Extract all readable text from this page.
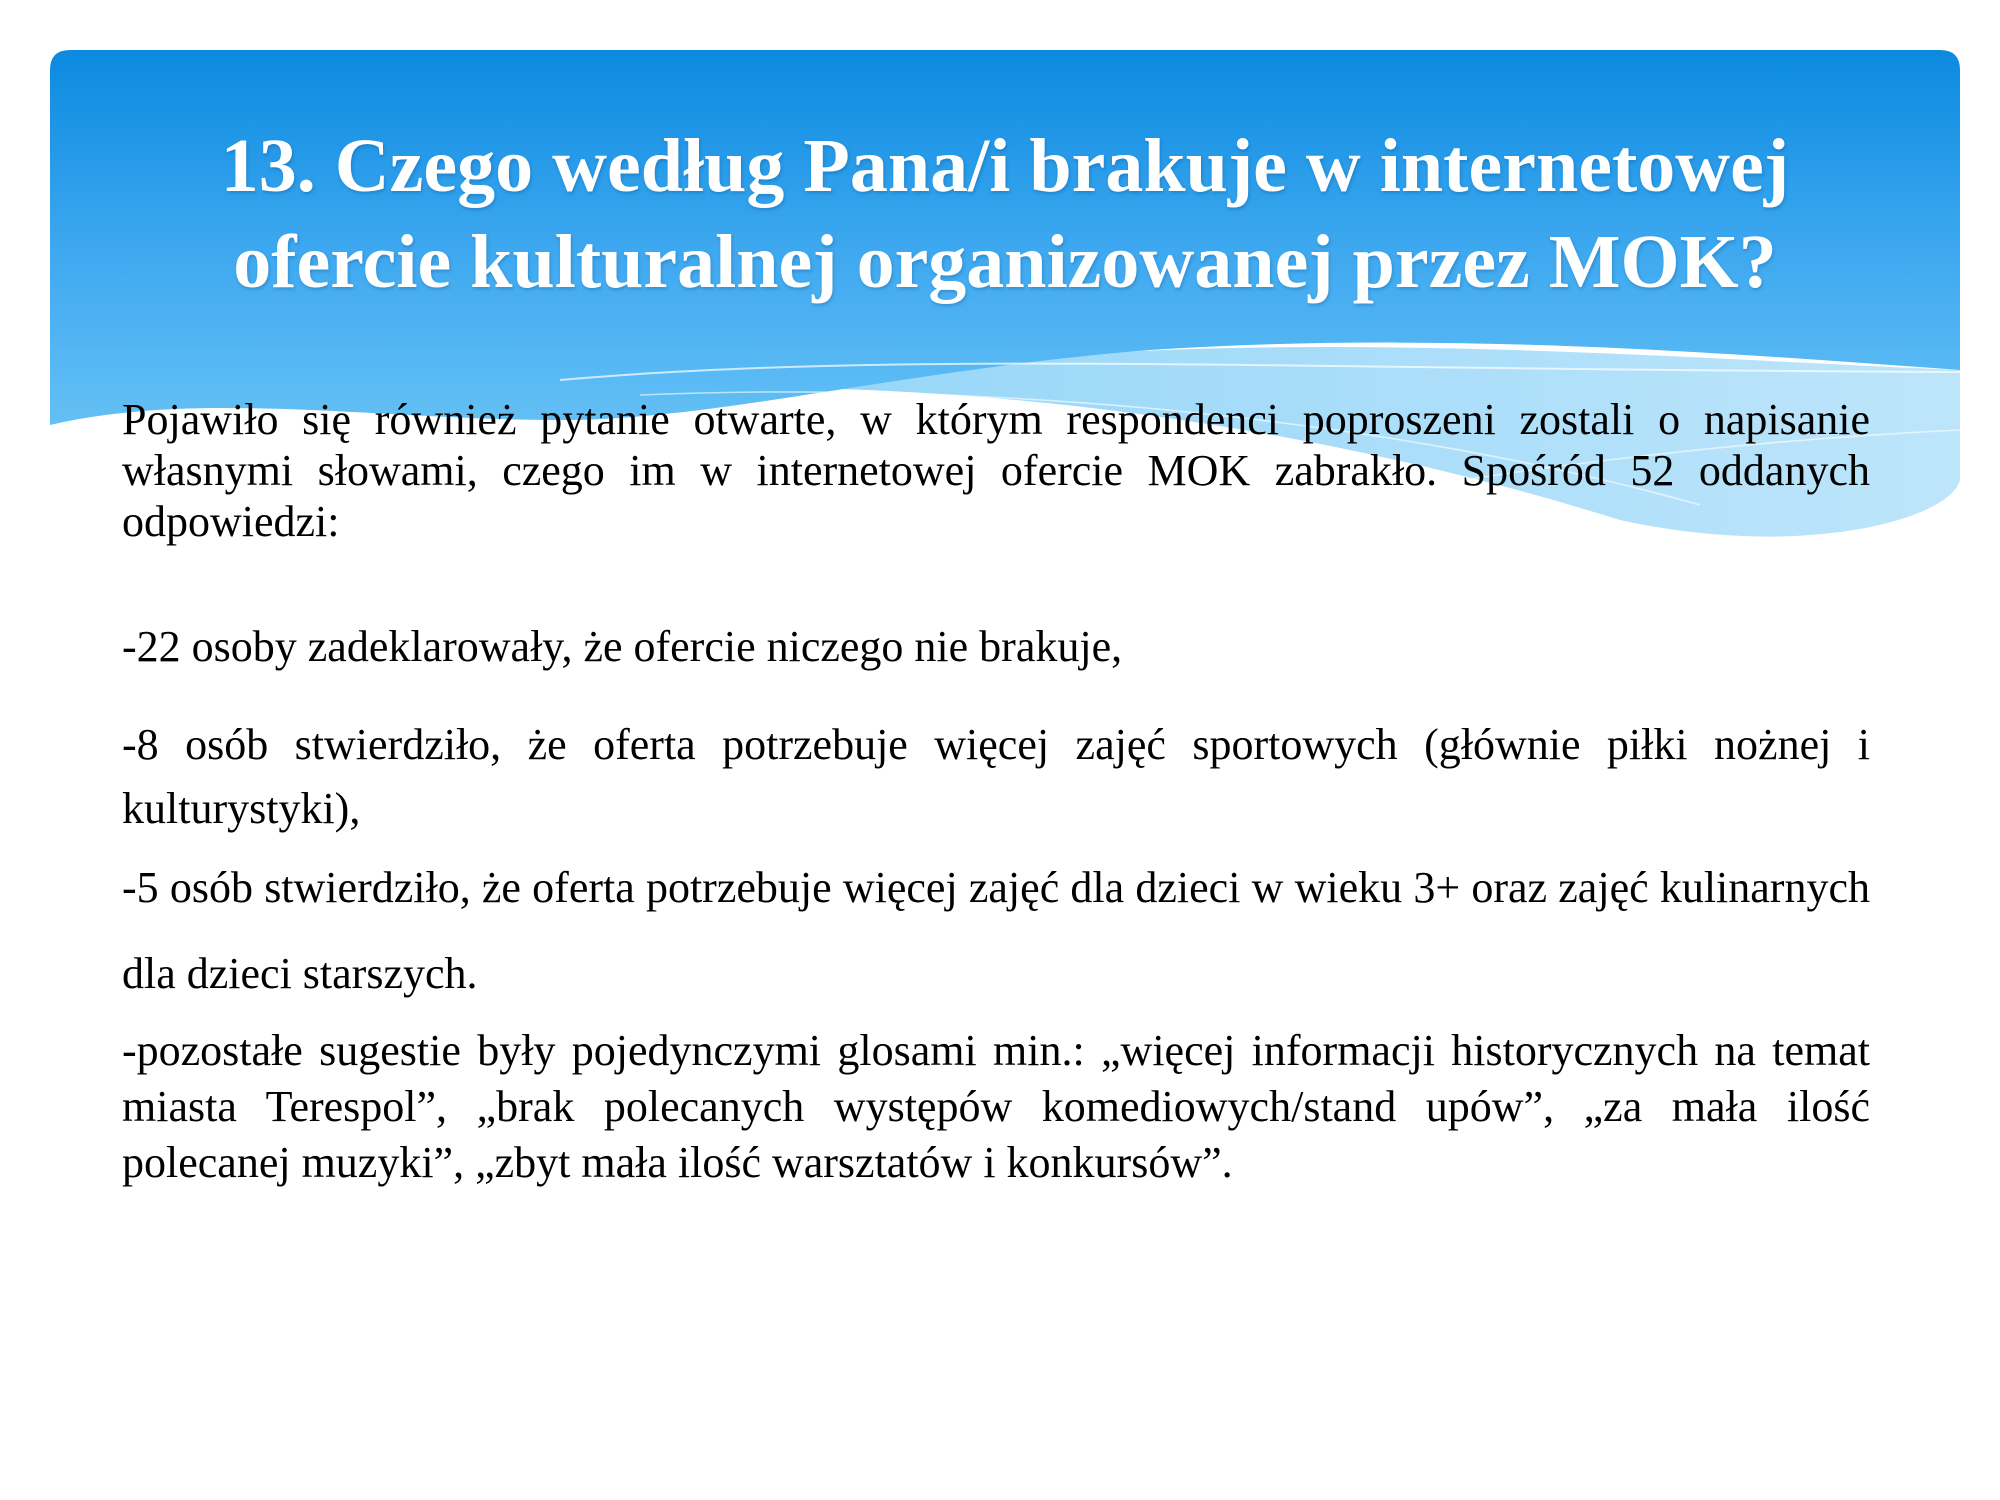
13. Czego według Pana/i brakuje w internetowej ofercie kulturalnej organizowanej przez MOK?

Pojawiło się również pytanie otwarte, w którym respondenci poproszeni zostali o napisanie własnymi słowami, czego im w internetowej ofercie MOK zabrakło. Spośród 52 oddanych odpowiedzi:

-22 osoby zadeklarowały, że ofercie niczego nie brakuje,

-8 osób stwierdziło, że oferta potrzebuje więcej zajęć sportowych (głównie piłki nożnej i kulturystyki),

-5 osób stwierdziło, że oferta potrzebuje więcej zajęć dla dzieci w wieku 3+ oraz zajęć kulinarnych dla dzieci starszych.

-pozostałe sugestie były pojedynczymi glosami min.: „więcej informacji historycznych na temat miasta Terespol”, „brak polecanych występów komediowych/stand upów”, „za mała ilość polecanej muzyki”, „zbyt mała ilość warsztatów i konkursów”.
